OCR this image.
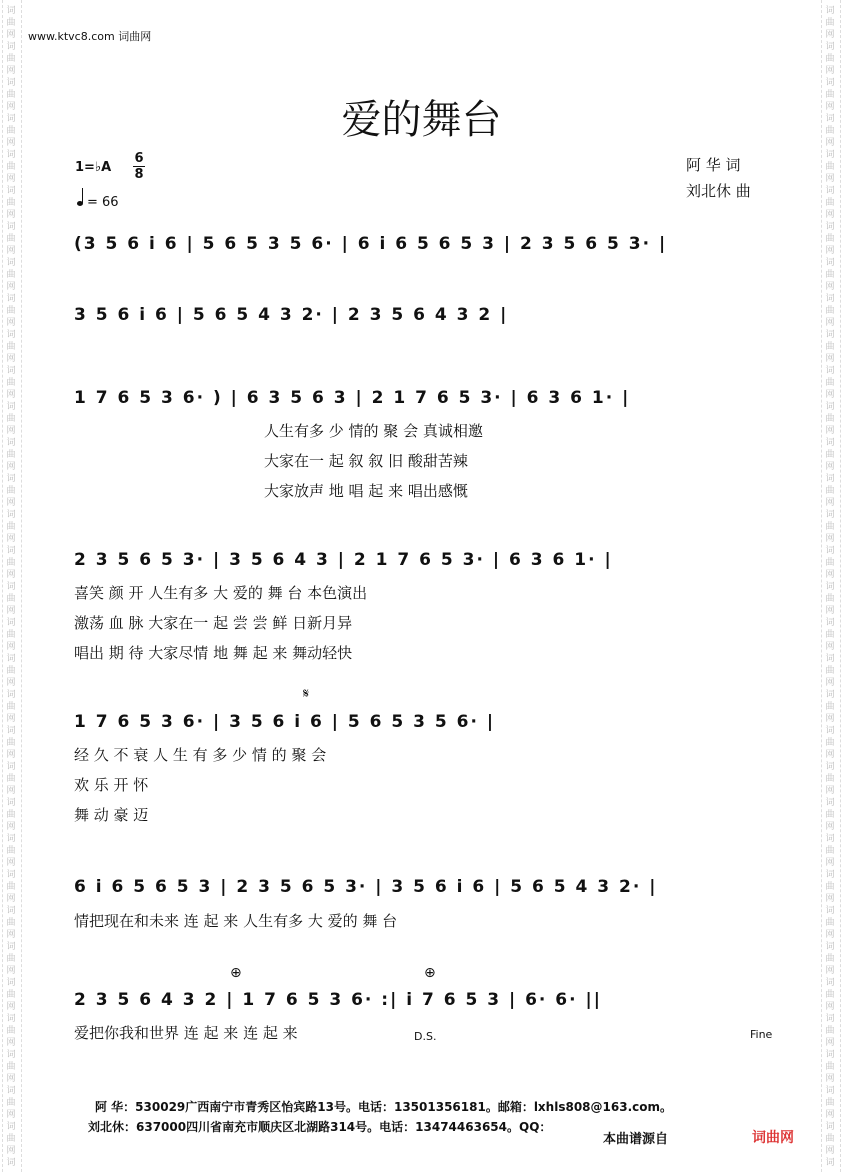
词
曲
网
词
曲
网
词
曲
网
词
曲
网
词
曲
网
词
曲
网
词
曲
网
词
曲
网
词
曲
网
词
曲
网
词
曲
网
词
曲
网
词
曲
网
词
曲
网
词
曲
网
词
曲
网
词
曲
网
词
曲
网
词
曲
网
词
曲
网
词
曲
网
词
曲
网
词
曲
网
词
曲
网
词
曲
网
词
曲
网
词
曲
网
词
曲
网
词
曲
网
词
曲
网
词
曲
网
词
曲
网
词
词
曲
网
词
曲
网
词
曲
网
词
曲
网
词
曲
网
词
曲
网
词
曲
网
词
曲
网
词
曲
网
词
曲
网
词
曲
网
词
曲
网
词
曲
网
词
曲
网
词
曲
网
词
曲
网
词
曲
网
词
曲
网
词
曲
网
词
曲
网
词
曲
网
词
曲
网
词
曲
网
词
曲
网
词
曲
网
词
曲
网
词
曲
网
词
曲
网
词
曲
网
词
曲
网
词
曲
网
词
曲
网
词
www.ktvc8.com 词曲网
爱的舞台
1=♭A
6
8
= 66
阿 华 词
刘北休 曲
(3 5 6 i 6 | 5 6 5 3 5 6· | 6 i 6 5 6 5 3 | 2 3 5 6 5 3· |
3 5 6 i 6 | 5 6 5 4 3 2· | 2 3 5 6 4 3 2 |
1 7 6 5 3 6· ) | 6 3 5 6 3 | 2 1 7 6 5 3· | 6 3 6 1· |
人生有多 少 情的 聚 会 真诚相邀
大家在一 起 叙 叙 旧 酸甜苦辣
大家放声 地 唱 起 来 唱出感慨
2 3 5 6 5 3· | 3 5 6 4 3 | 2 1 7 6 5 3· | 6 3 6 1· |
喜笑 颜 开 人生有多 大 爱的 舞 台 本色演出
激荡 血 脉 大家在一 起 尝 尝 鲜 日新月异
唱出 期 待 大家尽情 地 舞 起 来 舞动轻快
𝄋
1 7 6 5 3 6· | 3 5 6 i 6 | 5 6 5 3 5 6· |
经 久 不 衰 人 生 有 多 少 情 的 聚 会
欢 乐 开 怀
舞 动 豪 迈
6 i 6 5 6 5 3 | 2 3 5 6 5 3· | 3 5 6 i 6 | 5 6 5 4 3 2· |
情把现在和未来 连 起 来 人生有多 大 爱的 舞 台
⊕	⊕
2 3 5 6 4 3 2 | 1 7 6 5 3 6· :| i 7 6 5 3 | 6· 6· ||
爱把你我和世界 连 起 来 连 起 来	D.S.	Fine
阿 华：530029广西南宁市青秀区怡宾路13号。电话：13501356181。邮箱：lxhls808@163.com。
刘北休：637000四川省南充市顺庆区北湖路314号。电话：13474463654。QQ：
本曲谱源自	词曲网
